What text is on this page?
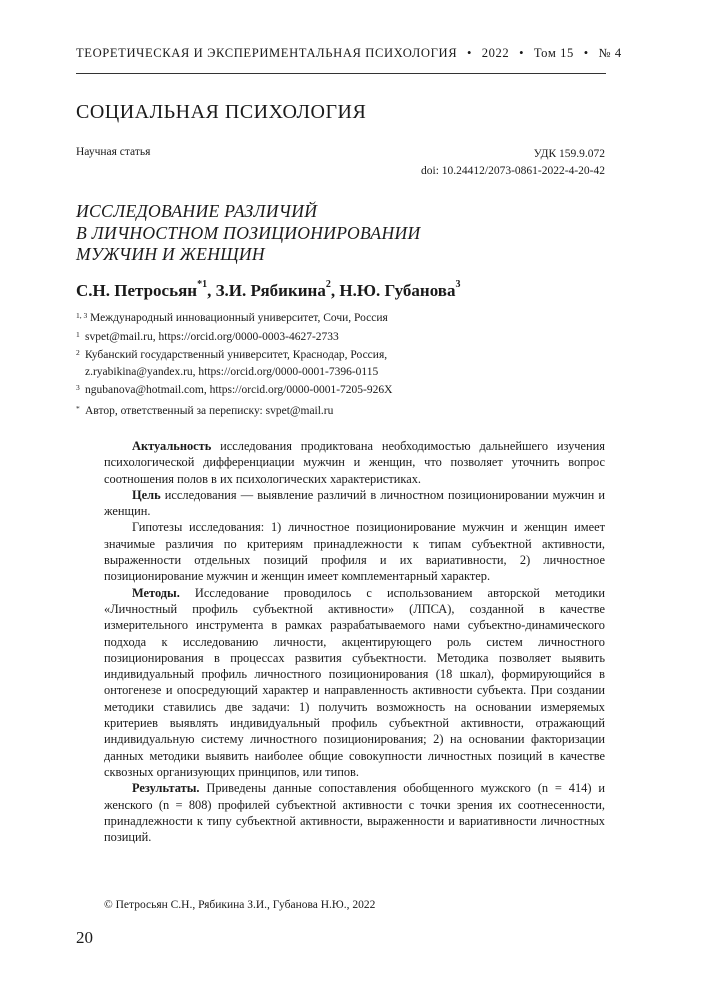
ТЕОРЕТИЧЕСКАЯ И ЭКСПЕРИМЕНТАЛЬНАЯ ПСИХОЛОГИЯ • 2022 • Том 15 • № 4
СОЦИАЛЬНАЯ ПСИХОЛОГИЯ
Научная статья	УДК 159.9.072
doi: 10.24412/2073-0861-2022-4-20-42
ИССЛЕДОВАНИЕ РАЗЛИЧИЙ
В ЛИЧНОСТНОМ ПОЗИЦИОНИРОВАНИИ
МУЖЧИН И ЖЕНЩИН
С.Н. Петросьян$^{*1}$, З.И. Рябикина$^2$, Н.Ю. Губанова$^3$
1, 3 Международный инновационный университет, Сочи, Россия
1 svpet@mail.ru, https://orcid.org/0000-0003-4627-2733
2 Кубанский государственный университет, Краснодар, Россия,
z.ryabikina@yandex.ru, https://orcid.org/0000-0001-7396-0115
3 ngubanova@hotmail.com, https://orcid.org/0000-0001-7205-926X
* Автор, ответственный за переписку: svpet@mail.ru

Актуальность исследования продиктована необходимостью дальнейшего изучения психологической дифференциации мужчин и женщин, что позволяет уточнить вопрос соотношения полов в их психологических характеристиках.

Цель исследования — выявление различий в личностном позиционировании мужчин и женщин.

Гипотезы исследования: 1) личностное позиционирование мужчин и женщин имеет значимые различия по критериям принадлежности к типам субъектной активности, выраженности отдельных позиций профиля и их вариативности, 2) личностное позиционирование мужчин и женщин имеет комплементарный характер.

Методы. Исследование проводилось с использованием авторской методики «Личностный профиль субъектной активности» (ЛПСА), созданной в качестве измерительного инструмента в рамках разрабатываемого нами субъектно-динамического подхода к исследованию личности, акцентирующего роль систем личностного позиционирования в процессах развития субъектности. Методика позволяет выявить индивидуальный профиль личностного позиционирования (18 шкал), формирующийся в онтогенезе и опосредующий характер и направленность активности субъекта. При создании методики ставились две задачи: 1) получить возможность на основании измеряемых критериев выявлять индивидуальный профиль субъектной активности, отражающий индивидуальную систему личностного позиционирования; 2) на основании факторизации данных методики выявить наиболее общие совокупности личностных позиций в качестве сквозных организующих принципов, или типов.

Результаты. Приведены данные сопоставления обобщенного мужского (n = 414) и женского (n = 808) профилей субъектной активности с точки зрения их соотнесенности, принадлежности к типу субъектной активности, выраженности и вариативности личностных позиций.

© Петросьян С.Н., Рябикина З.И., Губанова Н.Ю., 2022
20
